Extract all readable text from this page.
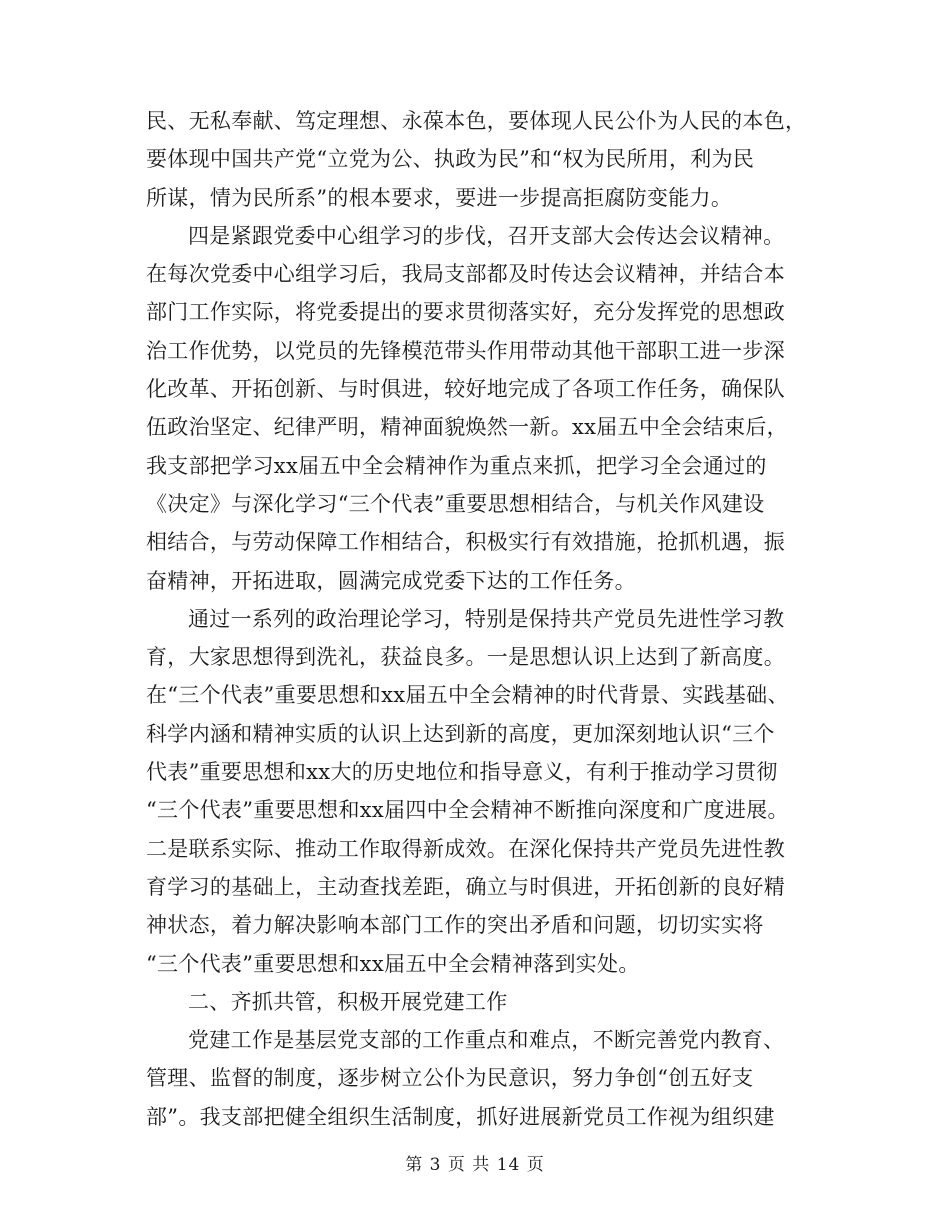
民、无私奉献、笃定理想、永葆本色，要体现人民公仆为人民的本色，
要体现中国共产党“立党为公、执政为民”和“权为民所用，利为民
所谋，情为民所系”的根本要求，要进一步提高拒腐防变能力。
四是紧跟党委中心组学习的步伐，召开支部大会传达会议精神。
在每次党委中心组学习后，我局支部都及时传达会议精神，并结合本
部门工作实际，将党委提出的要求贯彻落实好，充分发挥党的思想政
治工作优势，以党员的先锋模范带头作用带动其他干部职工进一步深
化改革、开拓创新、与时俱进，较好地完成了各项工作任务，确保队
伍政治坚定、纪律严明，精神面貌焕然一新。xx届五中全会结束后，
我支部把学习xx届五中全会精神作为重点来抓，把学习全会通过的
《决定》与深化学习“三个代表”重要思想相结合，与机关作风建设
相结合，与劳动保障工作相结合，积极实行有效措施，抢抓机遇，振
奋精神，开拓进取，圆满完成党委下达的工作任务。
通过一系列的政治理论学习，特别是保持共产党员先进性学习教
育，大家思想得到洗礼，获益良多。一是思想认识上达到了新高度。
在“三个代表”重要思想和xx届五中全会精神的时代背景、实践基础、
科学内涵和精神实质的认识上达到新的高度，更加深刻地认识“三个
代表”重要思想和xx大的历史地位和指导意义，有利于推动学习贯彻
“三个代表”重要思想和xx届四中全会精神不断推向深度和广度进展。
二是联系实际、推动工作取得新成效。在深化保持共产党员先进性教
育学习的基础上，主动查找差距，确立与时俱进，开拓创新的良好精
神状态，着力解决影响本部门工作的突出矛盾和问题，切切实实将
“三个代表”重要思想和xx届五中全会精神落到实处。
二、齐抓共管，积极开展党建工作
党建工作是基层党支部的工作重点和难点，不断完善党内教育、
管理、监督的制度，逐步树立公仆为民意识，努力争创“创五好支
部”。我支部把健全组织生活制度，抓好进展新党员工作视为组织建
第 3 页 共 14 页
